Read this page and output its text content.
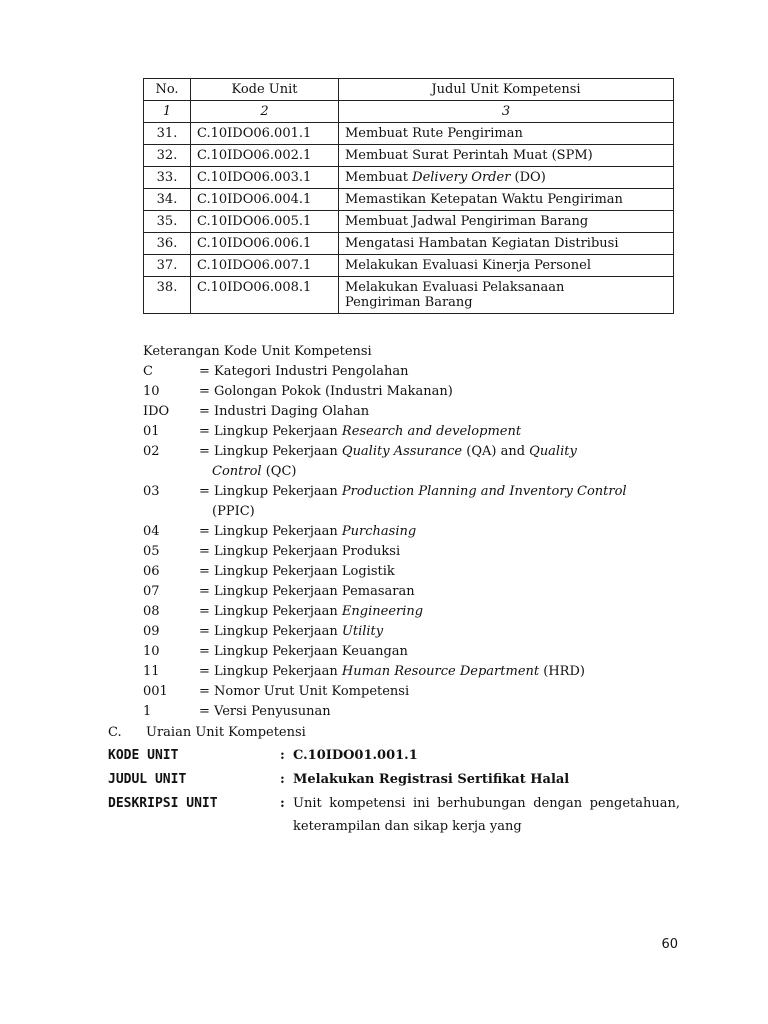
No.	Kode Unit	Judul Unit Kompetensi
1	2	3
31.	C.10IDO06.001.1	Membuat Rute Pengiriman
32.	C.10IDO06.002.1	Membuat Surat Perintah Muat (SPM)
33.	C.10IDO06.003.1	Membuat Delivery Order (DO)
34.	C.10IDO06.004.1	Memastikan Ketepatan Waktu Pengiriman
35.	C.10IDO06.005.1	Membuat Jadwal Pengiriman Barang
36.	C.10IDO06.006.1	Mengatasi Hambatan Kegiatan Distribusi
37.	C.10IDO06.007.1	Melakukan Evaluasi Kinerja Personel
38.	C.10IDO06.008.1	Melakukan Evaluasi Pelaksanaan
Pengiriman Barang
Keterangan Kode Unit Kompetensi
C	= Kategori Industri Pengolahan
10	= Golongan Pokok (Industri Makanan)
IDO	= Industri Daging Olahan
01	= Lingkup Pekerjaan Research and development
02	= Lingkup Pekerjaan Quality Assurance (QA) and Quality
Control (QC)
03	= Lingkup Pekerjaan Production Planning and Inventory Control
(PPIC)
04	= Lingkup Pekerjaan Purchasing
05	= Lingkup Pekerjaan Produksi
06	= Lingkup Pekerjaan Logistik
07	= Lingkup Pekerjaan Pemasaran
08	= Lingkup Pekerjaan Engineering
09	= Lingkup Pekerjaan Utility
10	= Lingkup Pekerjaan Keuangan
11	= Lingkup Pekerjaan Human Resource Department (HRD)
001	= Nomor Urut Unit Kompetensi
1	= Versi Penyusunan
C.	Uraian Unit Kompetensi
KODE UNIT	: C.10IDO01.001.1
JUDUL UNIT	: Melakukan Registrasi Sertifikat Halal
DESKRIPSI UNIT	: Unit kompetensi ini berhubungan dengan pengetahuan, keterampilan dan sikap kerja yang
60
